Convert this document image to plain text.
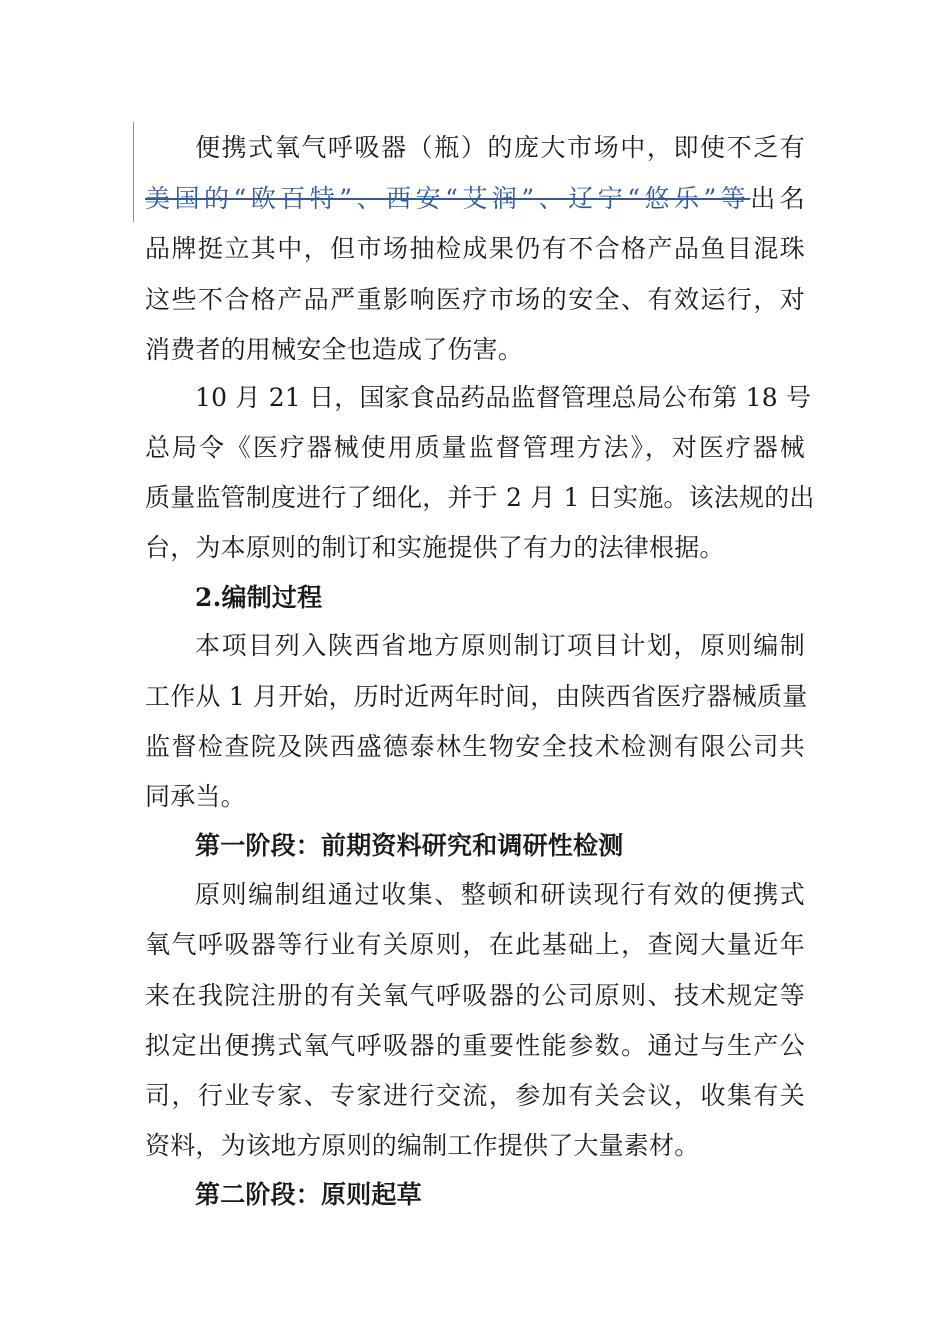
便携式氧气呼吸器（瓶）的庞大市场中，即使不乏有
美国的“欧百特”、西安“艾润”、辽宁“悠乐”等出名
品牌挺立其中，但市场抽检成果仍有不合格产品鱼目混珠
这些不合格产品严重影响医疗市场的安全、有效运行，对
消费者的用械安全也造成了伤害。
10 月 21 日，国家食品药品监督管理总局公布第 18 号
总局令《医疗器械使用质量监督管理方法》，对医疗器械
质量监管制度进行了细化，并于 2 月 1 日实施。该法规的出
台，为本原则的制订和实施提供了有力的法律根据。
2.编制过程
本项目列入陕西省地方原则制订项目计划，原则编制
工作从 1 月开始，历时近两年时间，由陕西省医疗器械质量
监督检查院及陕西盛德泰林生物安全技术检测有限公司共
同承当。
第一阶段：前期资料研究和调研性检测
原则编制组通过收集、整顿和研读现行有效的便携式
氧气呼吸器等行业有关原则，在此基础上，查阅大量近年
来在我院注册的有关氧气呼吸器的公司原则、技术规定等
拟定出便携式氧气呼吸器的重要性能参数。通过与生产公
司，行业专家、专家进行交流，参加有关会议，收集有关
资料，为该地方原则的编制工作提供了大量素材。
第二阶段：原则起草
